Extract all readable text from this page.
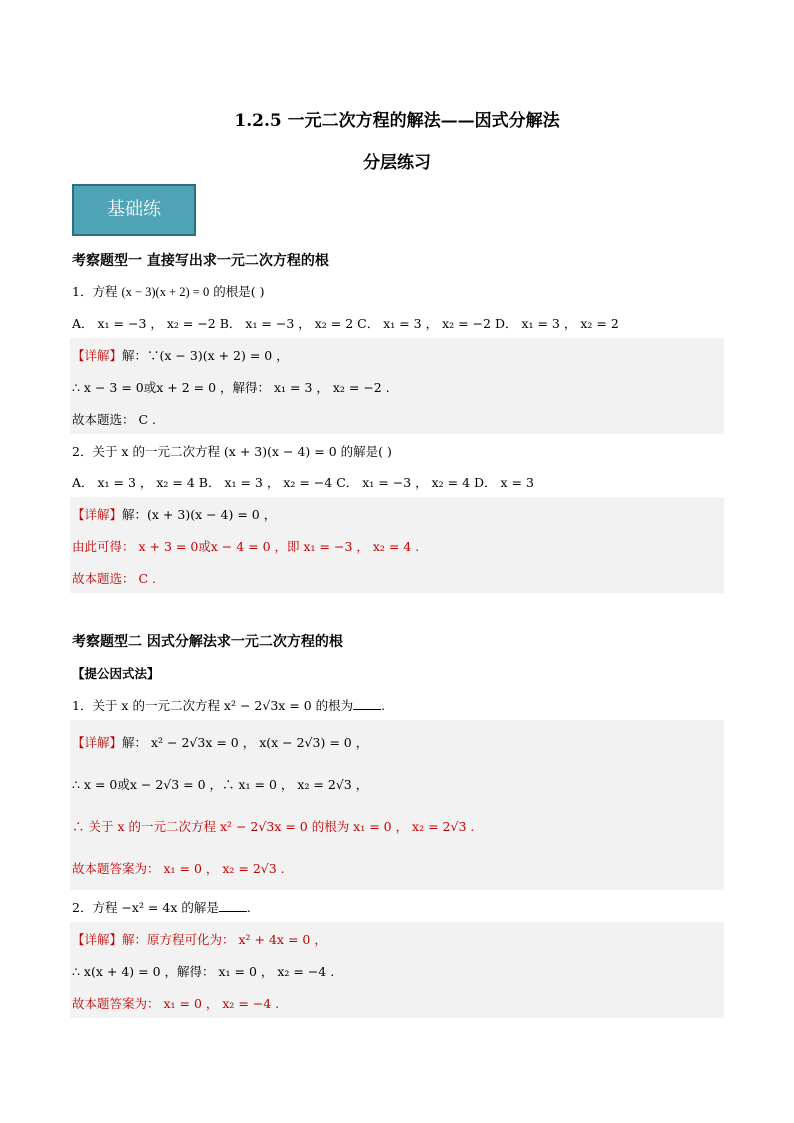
1.2.5 一元二次方程的解法——因式分解法
分层练习
基础练
考察题型一 直接写出求一元二次方程的根
1．方程 (x − 3)(x + 2) = 0 的根是( )
A． x₁ = −3 ， x₂ = −2 B． x₁ = −3 ， x₂ = 2 C． x₁ = 3 ， x₂ = −2 D． x₁ = 3 ， x₂ = 2
【详解】解：∵(x − 3)(x + 2) = 0 ，
∴ x − 3 = 0或x + 2 = 0 ，解得： x₁ = 3 ， x₂ = −2 .
故本题选： C .
2．关于 x 的一元二次方程 (x + 3)(x − 4) = 0 的解是( )
A． x₁ = 3 ， x₂ = 4 B． x₁ = 3 ， x₂ = −4 C． x₁ = −3 ， x₂ = 4 D． x = 3
【详解】解：(x + 3)(x − 4) = 0 ，
由此可得： x + 3 = 0或x − 4 = 0 ，即 x₁ = −3 ， x₂ = 4 .
故本题选： C .
考察题型二 因式分解法求一元二次方程的根
【提公因式法】
1．关于 x 的一元二次方程 x² − 2√3x = 0 的根为 .
【详解】解： x² − 2√3x = 0 ， x(x − 2√3) = 0 ，
∴ x = 0或x − 2√3 = 0 ，∴ x₁ = 0 ， x₂ = 2√3 ，
∴ 关于 x 的一元二次方程 x² − 2√3x = 0 的根为 x₁ = 0 ， x₂ = 2√3 .
故本题答案为： x₁ = 0 ， x₂ = 2√3 .
2．方程 −x² = 4x 的解是 .
【详解】解：原方程可化为： x² + 4x = 0 ，
∴ x(x + 4) = 0 ，解得： x₁ = 0 ， x₂ = −4 .
故本题答案为： x₁ = 0 ， x₂ = −4 .
